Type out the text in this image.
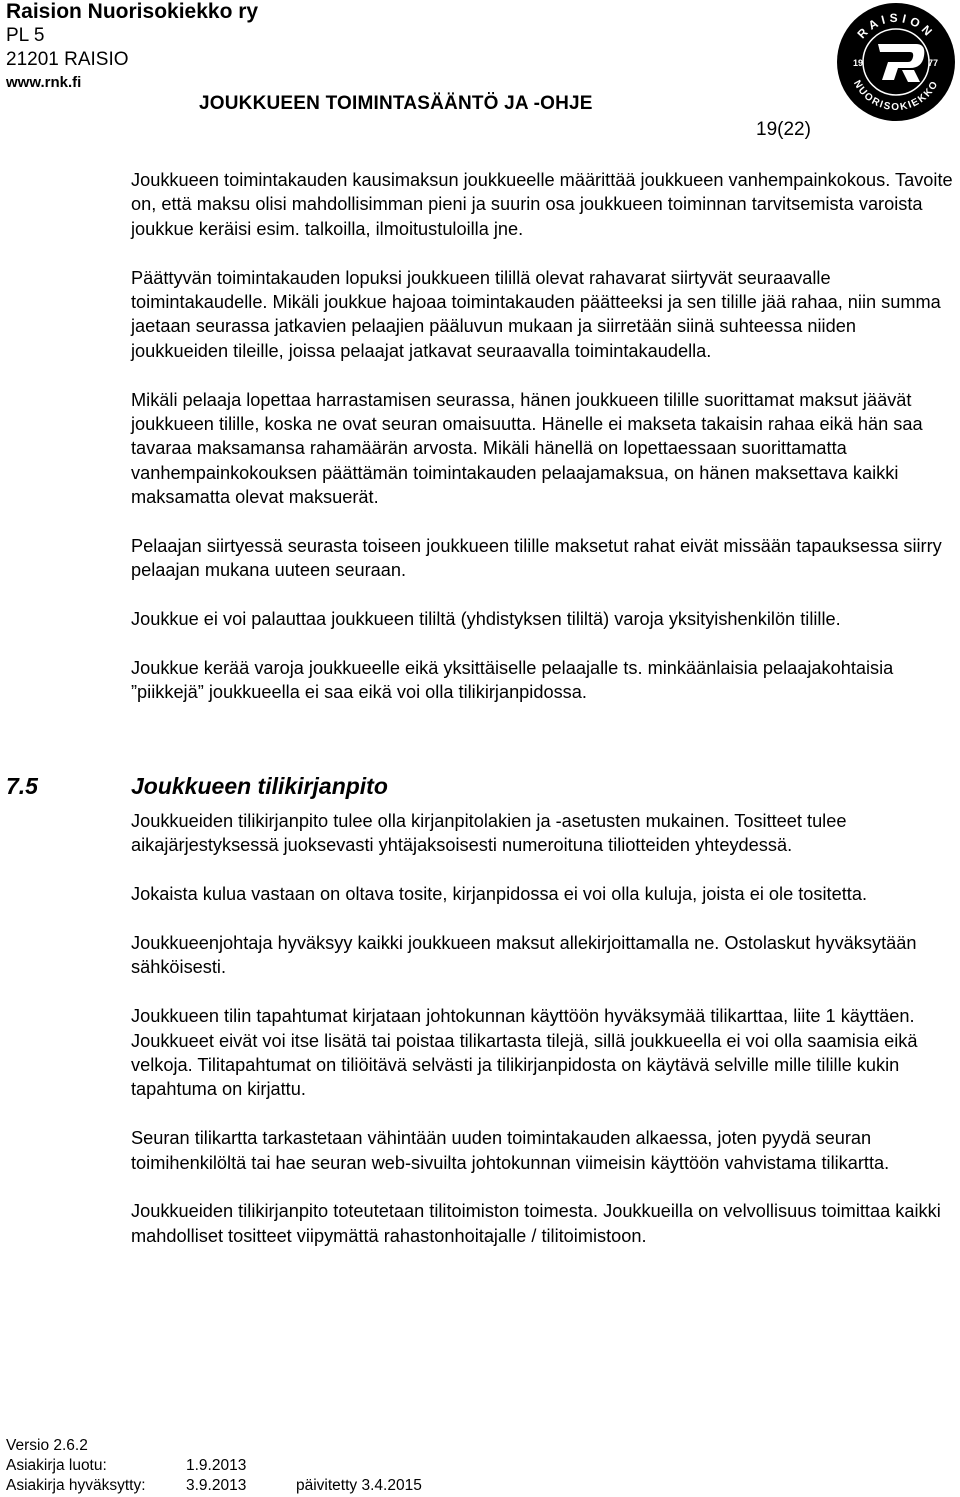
Raision Nuorisokiekko ry
PL 5
21201 RAISIO
www.rnk.fi
JOUKKUEEN TOIMINTASÄÄNTÖ JA -OHJE
19(22)
RAISION
NUORISOKIEKKO
19	77

Joukkueen toimintakauden kausimaksun joukkueelle määrittää joukkueen vanhempainkokous. Tavoite on, että maksu olisi mahdollisimman pieni ja suurin osa joukkueen toiminnan tarvitsemista varoista joukkue keräisi esim. talkoilla, ilmoitustuloilla jne.

Päättyvän toimintakauden lopuksi joukkueen tilillä olevat rahavarat siirtyvät seuraavalle toimintakaudelle. Mikäli joukkue hajoaa toimintakauden päätteeksi ja sen tilille jää rahaa, niin summa jaetaan seurassa jatkavien pelaajien pääluvun mukaan ja siirretään siinä suhteessa niiden joukkueiden tileille, joissa pelaajat jatkavat seuraavalla toimintakaudella.

Mikäli pelaaja lopettaa harrastamisen seurassa, hänen joukkueen tilille suorittamat maksut jäävät joukkueen tilille, koska ne ovat seuran omaisuutta. Hänelle ei makseta takaisin rahaa eikä hän saa tavaraa maksamansa rahamäärän arvosta. Mikäli hänellä on lopettaessaan suorittamatta vanhempainkokouksen päättämän toimintakauden pelaajamaksua, on hänen maksettava kaikki maksamatta olevat maksuerät.

Pelaajan siirtyessä seurasta toiseen joukkueen tilille maksetut rahat eivät missään tapauksessa siirry pelaajan mukana uuteen seuraan.

Joukkue ei voi palauttaa joukkueen tililtä (yhdistyksen tililtä) varoja yksityishenkilön tilille.

Joukkue kerää varoja joukkueelle eikä yksittäiselle pelaajalle ts. minkäänlaisia pelaajakohtaisia ”piikkejä” joukkueella ei saa eikä voi olla tilikirjanpidossa.

7.5	Joukkueen tilikirjanpito

Joukkueiden tilikirjanpito tulee olla kirjanpitolakien ja -asetusten mukainen. Tositteet tulee aikajärjestyksessä juoksevasti yhtäjaksoisesti numeroituna tiliotteiden yhteydessä.

Jokaista kulua vastaan on oltava tosite, kirjanpidossa ei voi olla kuluja, joista ei ole tositetta.

Joukkueenjohtaja hyväksyy kaikki joukkueen maksut allekirjoittamalla ne. Ostolaskut hyväksytään sähköisesti.

Joukkueen tilin tapahtumat kirjataan johtokunnan käyttöön hyväksymää tilikarttaa, liite 1 käyttäen. Joukkueet eivät voi itse lisätä tai poistaa tilikartasta tilejä, sillä joukkueella ei voi olla saamisia eikä velkoja. Tilitapahtumat on tiliöitävä selvästi ja tilikirjanpidosta on käytävä selville mille tilille kukin tapahtuma on kirjattu.

Seuran tilikartta tarkastetaan vähintään uuden toimintakauden alkaessa, joten pyydä seuran toimihenkilöltä tai hae seuran web-sivuilta johtokunnan viimeisin käyttöön vahvistama tilikartta.

Joukkueiden tilikirjanpito toteutetaan tilitoimiston toimesta. Joukkueilla on velvollisuus toimittaa kaikki mahdolliset tositteet viipymättä rahastonhoitajalle / tilitoimistoon.

Versio 2.6.2
Asiakirja luotu:	1.9.2013
Asiakirja hyväksytty:	3.9.2013	päivitetty 3.4.2015
